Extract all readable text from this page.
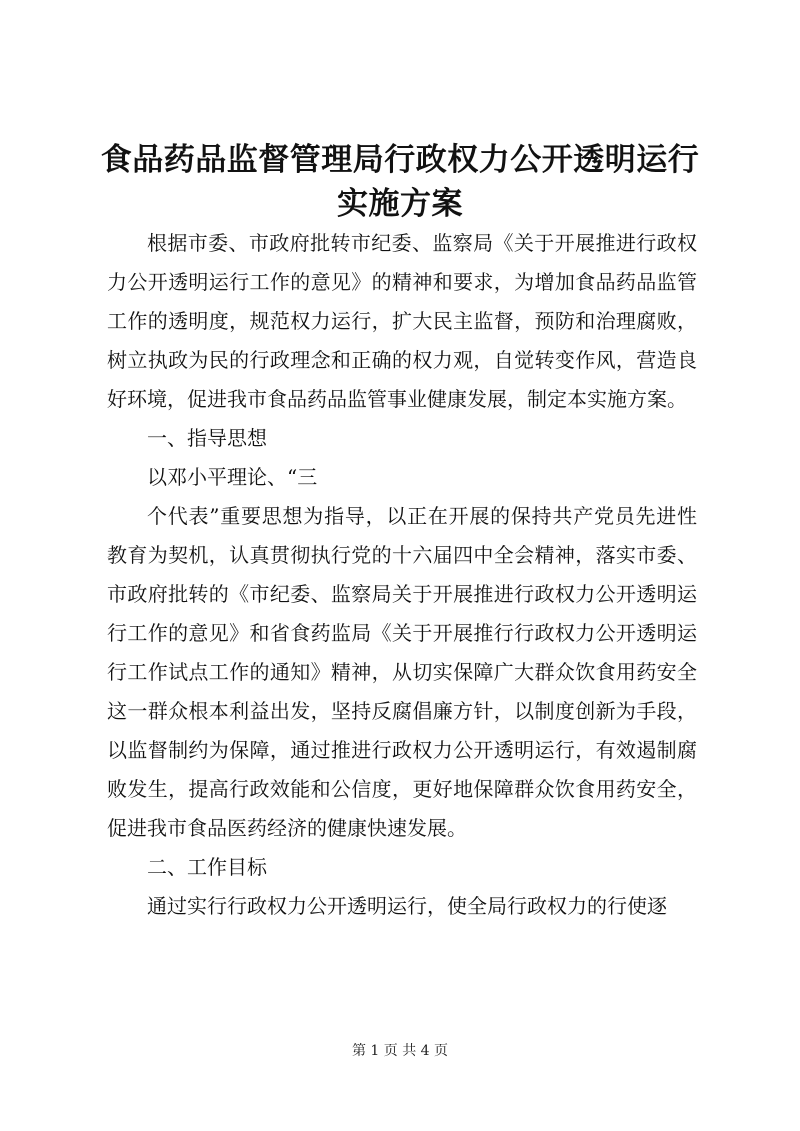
食品药品监督管理局行政权力公开透明运行实施方案

根据市委、市政府批转市纪委、监察局《关于开展推进行政权力公开透明运行工作的意见》的精神和要求，为增加食品药品监管工作的透明度，规范权力运行，扩大民主监督，预防和治理腐败，树立执政为民的行政理念和正确的权力观，自觉转变作风，营造良好环境，促进我市食品药品监管事业健康发展，制定本实施方案。

一、指导思想

以邓小平理论、“三

个代表”重要思想为指导，以正在开展的保持共产党员先进性教育为契机，认真贯彻执行党的十六届四中全会精神，落实市委、市政府批转的《市纪委、监察局关于开展推进行政权力公开透明运行工作的意见》和省食药监局《关于开展推行行政权力公开透明运行工作试点工作的通知》精神，从切实保障广大群众饮食用药安全这一群众根本利益出发，坚持反腐倡廉方针，以制度创新为手段，以监督制约为保障，通过推进行政权力公开透明运行，有效遏制腐败发生，提高行政效能和公信度，更好地保障群众饮食用药安全，促进我市食品医药经济的健康快速发展。

二、工作目标

通过实行行政权力公开透明运行，使全局行政权力的行使逐

第 1 页 共 4 页
